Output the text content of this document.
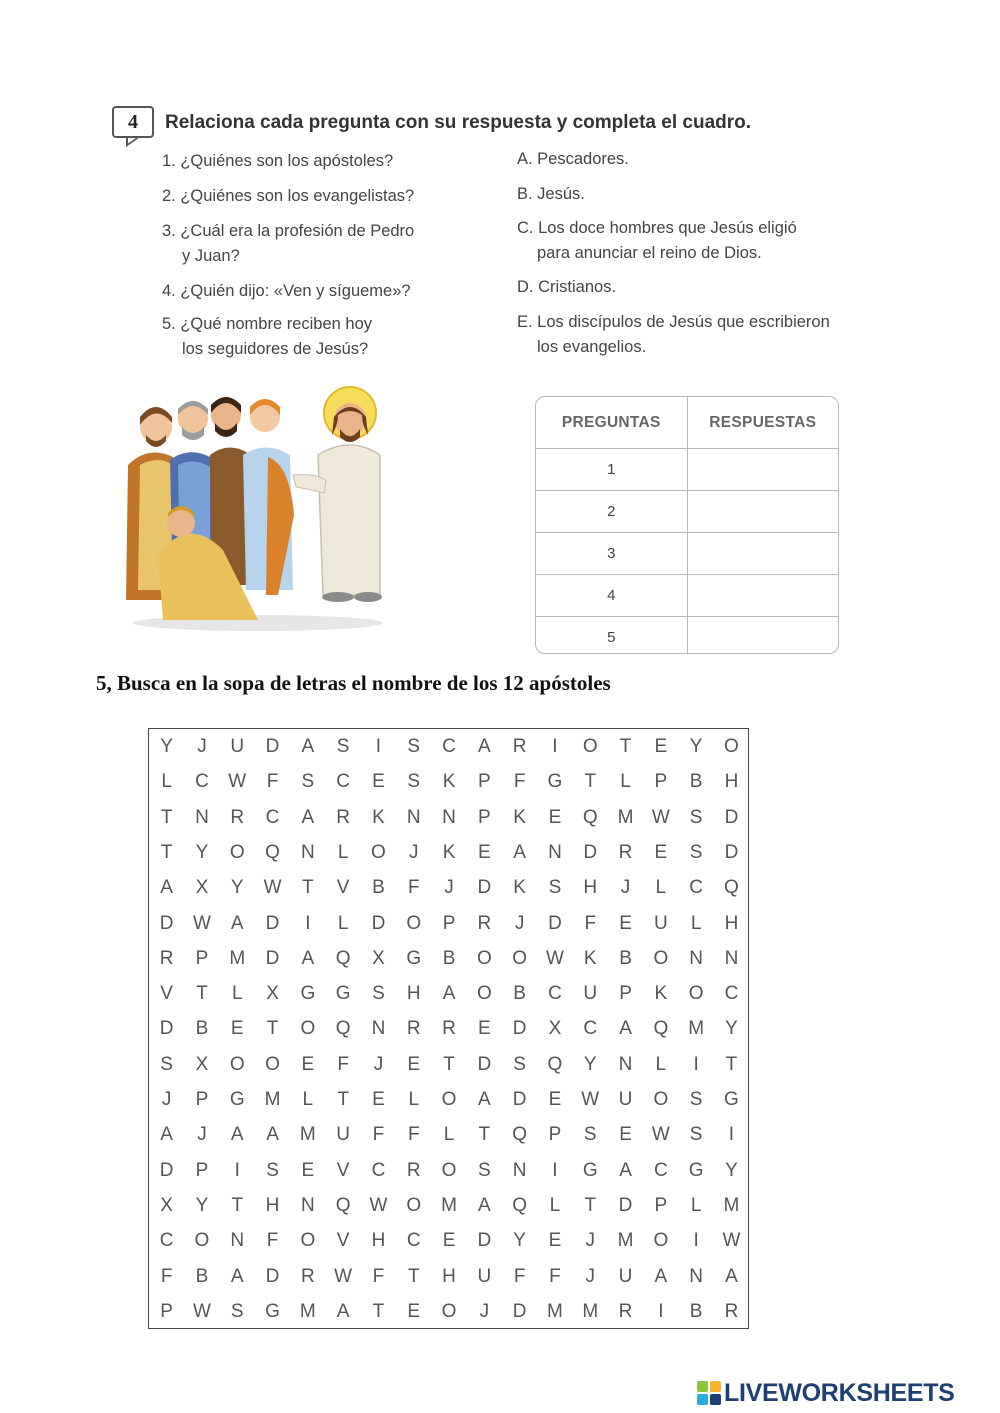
4	Relaciona cada pregunta con su respuesta y completa el cuadro.
1. ¿Quiénes son los apóstoles?
2. ¿Quiénes son los evangelistas?
3. ¿Cuál era la profesión de Pedro
y Juan?
4. ¿Quién dijo: «Ven y sígueme»?
5. ¿Qué nombre reciben hoy
los seguidores de Jesús?
A. Pescadores.
B. Jesús.
C. Los doce hombres que Jesús eligió
para anunciar el reino de Dios.
D. Cristianos.
E. Los discípulos de Jesús que escribieron
los evangelios.
PREGUNTAS	RESPUESTAS
1
2
3
4
5
5, Busca en la sopa de letras el nombre de los 12 apóstoles
Y	J	U	D	A	S	I	S	C	A	R	I	O	T	E	Y	O
L	C	W	F	S	C	E	S	K	P	F	G	T	L	P	B	H
T	N	R	C	A	R	K	N	N	P	K	E	Q	M W	S	D
T	Y	O	Q	N	L	O	J	K	E	A	N	D	R	E	S	D
A	X	Y	W	T	V	B	F	J	D	K	S	H	J	L	C	Q
D	W	A	D	I	L	D	O	P	R	J	D	F	E	U	L	H
R	P	M	D	A	Q	X	G	B	O	O W	K	B	O	N	N
V	T	L	X	G	G	S	H	A	O	B	C	U	P	K	O	C
D	B	E	T	O	Q	N	R	R	E	D	X	C	A	Q	M	Y
S	X	O	O	E	F	J	E	T	D	S	Q	Y	N	L	I	T
J	P	G	M	L	T	E	L	O	A	D	E	W	U	O	S	G
A	J	A	A	M	U	F	F	L	T	Q	P	S	E	W	S	I
D	P	I	S	E	V	C	R	O	S	N	I	G	A	C	G	Y
X	Y	T	H	N	Q W O	M	A	Q	L	T	D	P	L	M
C	O	N	F	O	V	H	C	E	D	Y	E	J	M	O	I	W
F	B	A	D	R	W	F	T	H	U	F	F	J	U	A	N	A
P	W	S	G	M	A	T	E	O	J	D	M	M	R	I	B	R
LIVEWORKSHEETS
